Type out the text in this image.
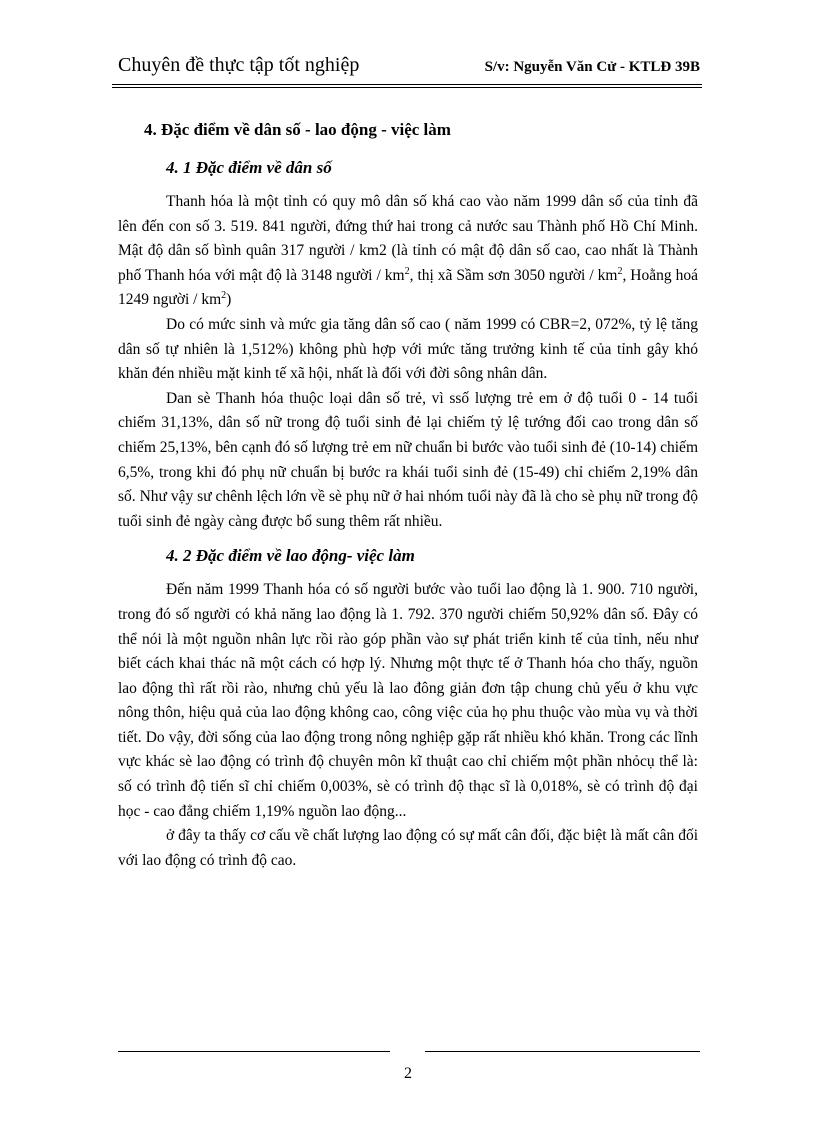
Chuyên đề thực tập tốt nghiệp	S/v: Nguyễn Văn Cử - KTLĐ 39B
4. Đặc điểm về dân số - lao động - việc làm
4. 1 Đặc điểm về dân số

Thanh hóa là một tỉnh có quy mô dân số khá cao vào năm 1999 dân số của tỉnh đã lên đến con số 3. 519. 841 người, đứng thứ hai trong cả nước sau Thành phố Hồ Chí Minh. Mật độ dân số bình quân 317 người / km2 (là tỉnh có mật độ dân số cao, cao nhất là Thành phố Thanh hóa với mật độ là 3148 người / $km^2$, thị xã Sầm sơn 3050 người / $km^2$, Hoằng hoá 1249 người / $km^2$)

Do có mức sinh và mức gia tăng dân số cao ( năm 1999 có CBR=2, 072%, tỷ lệ tăng dân số tự nhiên là 1,512%) không phù hợp với mức tăng trưởng kinh tế của tỉnh gây khó khăn đén nhiều mặt kinh tế xã hội, nhất là đối với đời sông nhân dân.

Dan sè Thanh hóa thuộc loại dân số trẻ, vì ssố lượng trẻ em ở độ tuổi 0 - 14 tuổi chiếm 31,13%, dân số nữ trong độ tuổi sinh đẻ lại chiếm tỷ lệ tướng đối cao trong dân số chiếm 25,13%, bên cạnh đó số lượng trẻ em nữ chuẩn bi bước vào tuổi sinh đẻ (10-14) chiếm 6,5%, trong khi đó phụ nữ chuẩn bị bước ra khái tuổi sinh đẻ (15-49) chỉ chiếm 2,19% dân số. Như vậy sư chênh lệch lớn về sè phụ nữ ở hai nhóm tuổi này đã là cho sè phụ nữ trong độ tuổi sinh đẻ ngày càng được bổ sung thêm rất nhiều.

4. 2 Đặc điểm về lao động- việc làm

Đến năm 1999 Thanh hóa có số người bước vào tuổi lao động là 1. 900. 710 người, trong đó số người có khả năng lao động là 1. 792. 370 người chiếm 50,92% dân số. Đây có thể nói là một nguồn nhân lực rồi rào góp phần vào sự phát triển kinh tế của tỉnh, nếu như biết cách khai thác nã một cách có hợp lý. Nhưng một thực tế ở Thanh hóa cho thấy, nguồn lao động thì rất rồi rào, nhưng chủ yếu là lao đông giản đơn tập chung chủ yếu ở khu vực nông thôn, hiệu quả của lao động không cao, công việc của họ phu thuộc vào mùa vụ và thời tiết. Do vậy, đời sống của lao động trong nông nghiệp gặp rất nhiều khó khăn. Trong các lĩnh vực khác sè lao động có trình độ chuyên môn kĩ thuật cao chỉ chiếm một phần nhỏcụ thể là: số có trình độ tiến sĩ chỉ chiếm 0,003%, sè có trình độ thạc sĩ là 0,018%, sè có trình độ đại học - cao đẳng chiếm 1,19% nguồn lao động...

ở đây ta thấy cơ cấu về chất lượng lao động có sự mất cân đối, đặc biệt là mất cân đối với lao động có trình độ cao.

2
